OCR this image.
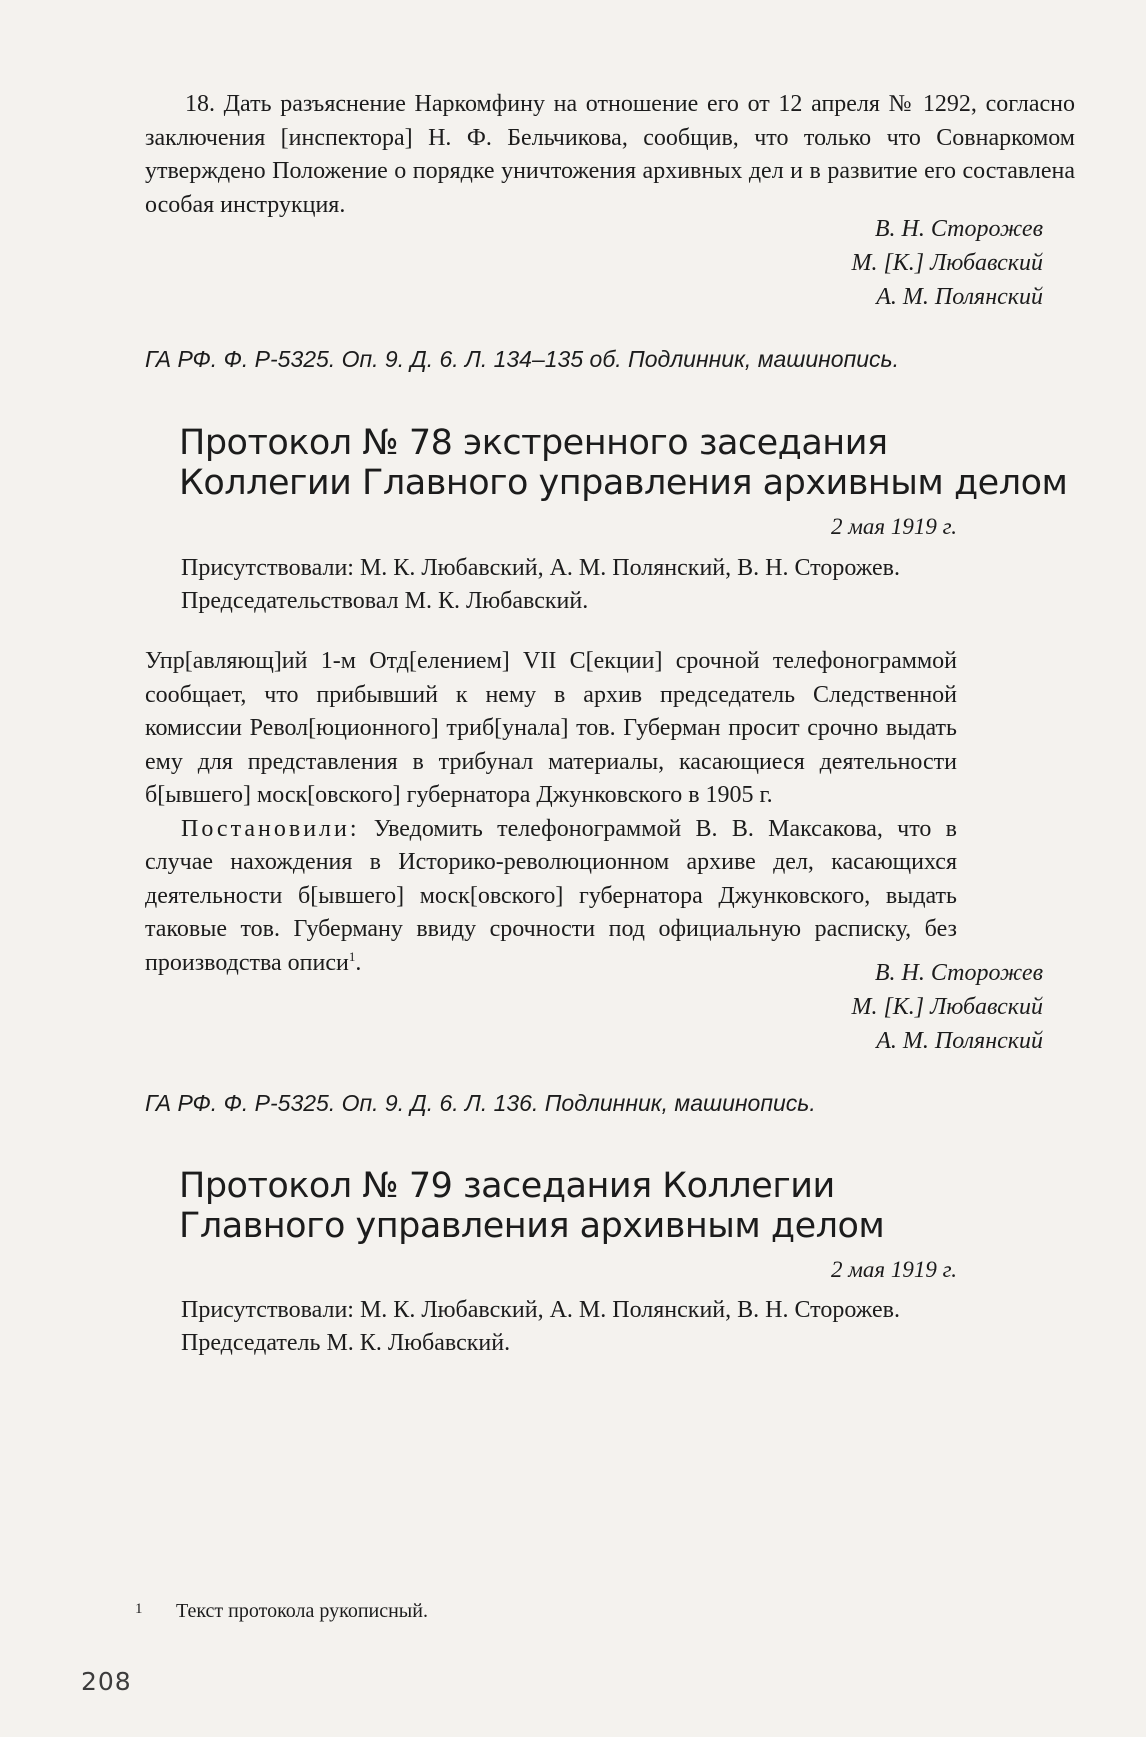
18. Дать разъяснение Наркомфину на отношение его от 12 апреля № 1292, согласно заключения [инспектора] Н. Ф. Бельчикова, сообщив, что только что Совнаркомом утверждено Положение о порядке уничтожения архивных дел и в развитие его составлена особая инструкция.

В. Н. Сторожев

М. [К.] Любавский

А. М. Полянский

ГА РФ. Ф. Р-5325. Оп. 9. Д. 6. Л. 134–135 об. Подлинник, машинопись.

Протокол № 78 экстренного заседания

Коллегии Главного управления архивным делом

2 мая 1919 г.

Присутствовали: М. К. Любавский, А. М. Полянский, В. Н. Сторожев.

Председательствовал М. К. Любавский.

Упр[авляющ]ий 1-м Отд[елением] VII С[екции] срочной телефонограммой сообщает, что прибывший к нему в архив председатель Следственной комиссии Револ[юционного] триб[унала] тов. Губерман просит срочно выдать ему для представления в трибунал материалы, касающиеся деятельности б[ывшего] моск[овского] губернатора Джунковского в 1905 г.

Постановили: Уведомить телефонограммой В. В. Максакова, что в случае нахождения в Историко-революционном архиве дел, касающихся деятельности б[ывшего] моск[овского] губернатора Джунковского, выдать таковые тов. Губерману ввиду срочности под официальную расписку, без производства описи$^1$.	В. Н. Сторожев

М. [К.] Любавский

А. М. Полянский

ГА РФ. Ф. Р-5325. Оп. 9. Д. 6. Л. 136. Подлинник, машинопись.

Протокол № 79 заседания Коллегии

Главного управления архивным делом

2 мая 1919 г.

Присутствовали: М. К. Любавский, А. М. Полянский, В. Н. Сторожев.

Председатель М. К. Любавский.

1 Текст протокола рукописный.

208
